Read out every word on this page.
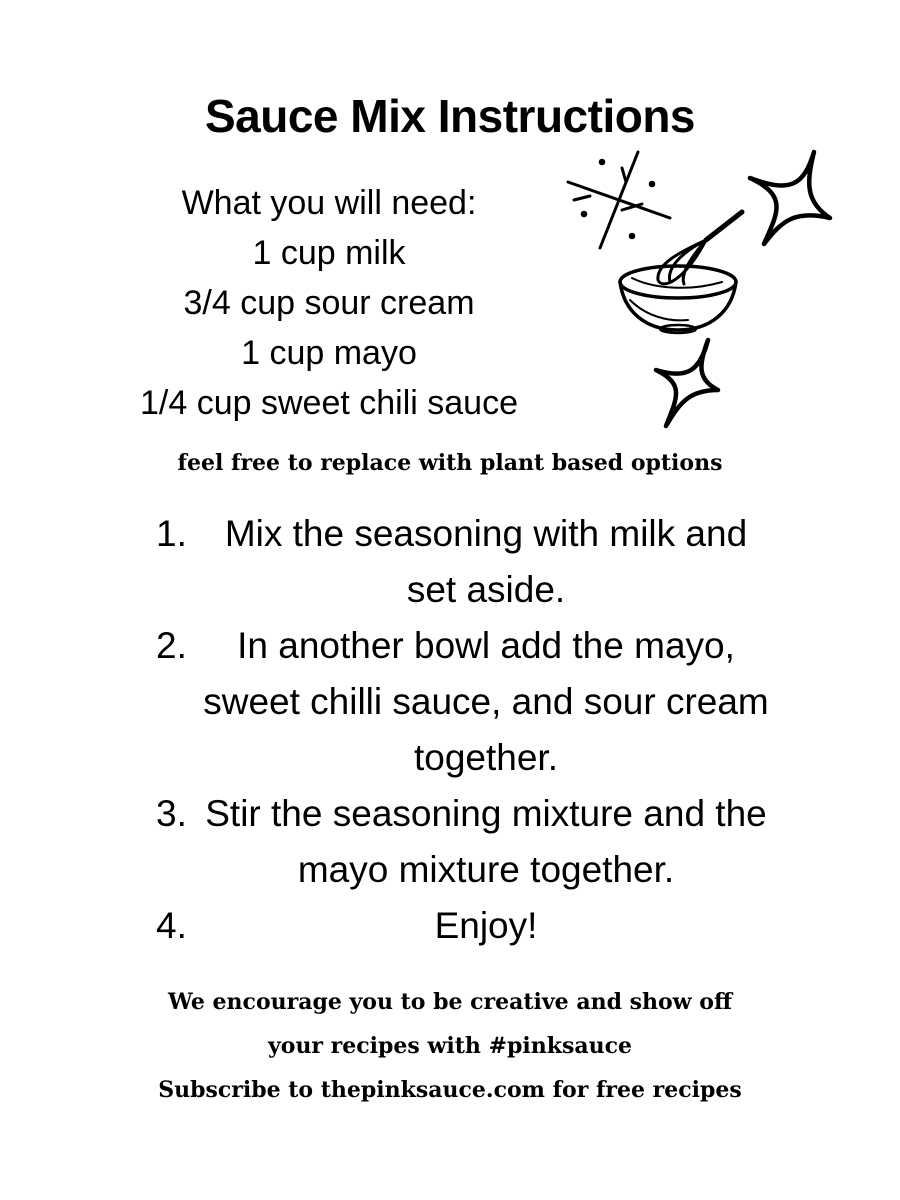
Sauce Mix Instructions
What you will need:
1 cup milk
3/4 cup sour cream
1 cup mayo
1/4 cup sweet chili sauce
feel free to replace with plant based options
1.	Mix the seasoning with milk and set aside.
2.	In another bowl add the mayo, sweet chilli sauce, and sour cream together.
3. Stir the seasoning mixture and the mayo mixture together.
4.	Enjoy!
We encourage you to be creative and show off
your recipes with #pinksauce
Subscribe to thepinksauce.com for free recipes
